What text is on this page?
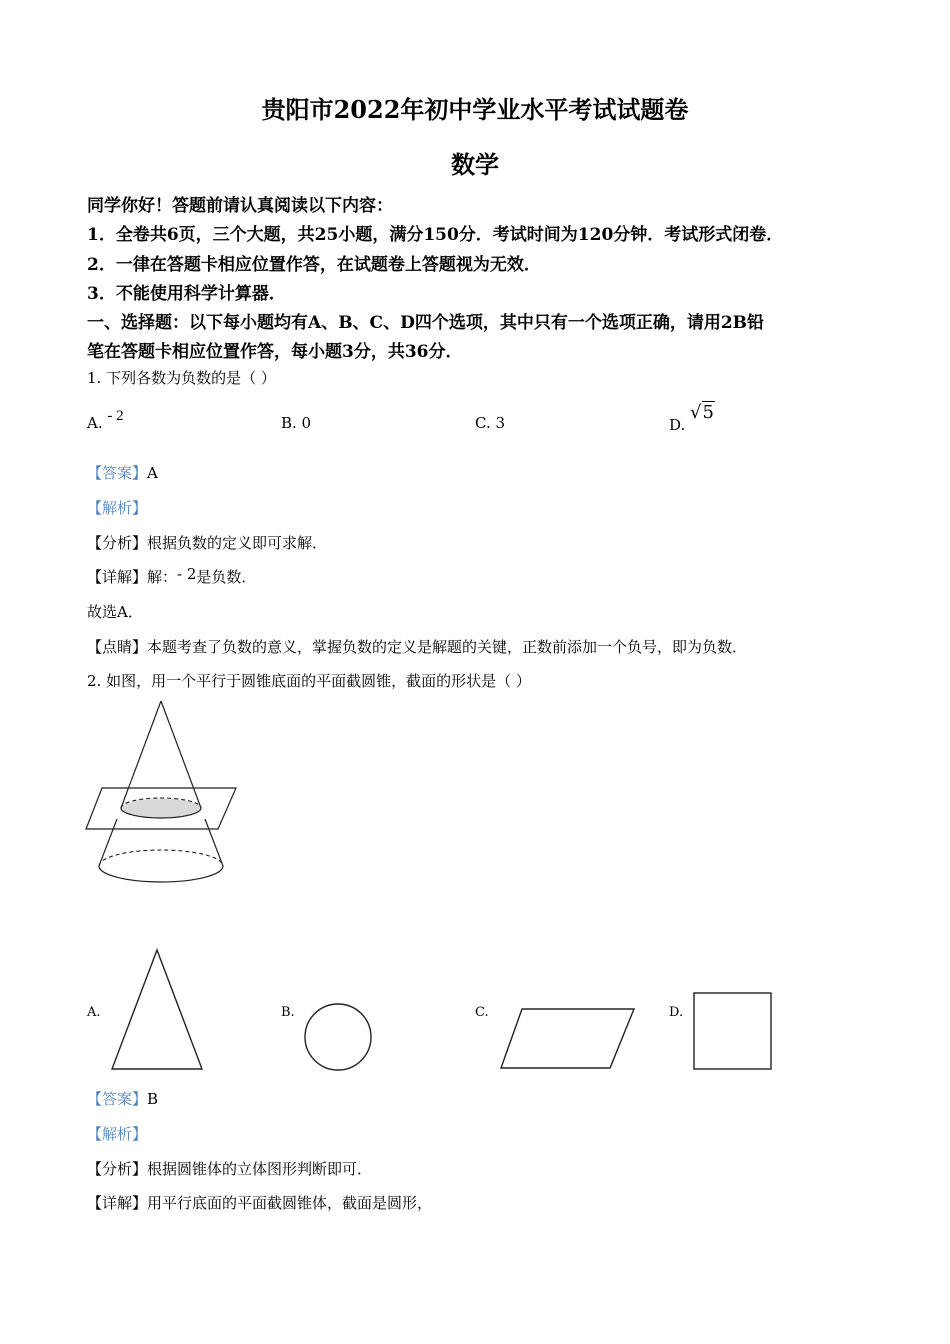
贵阳市2022年初中学业水平考试试题卷
数学
同学你好！答题前请认真阅读以下内容：
1．全卷共6页，三个大题，共25小题，满分150分．考试时间为120分钟．考试形式闭卷．
2．一律在答题卡相应位置作答，在试题卷上答题视为无效．
3．不能使用科学计算器．
一、选择题：以下每小题均有A、B、C、D四个选项，其中只有一个选项正确，请用2B铅
笔在答题卡相应位置作答，每小题3分，共36分．
1. 下列各数为负数的是（ ）
A. - 2	B. 0	C. 3	D. √5
【答案】A
【解析】
【分析】根据负数的定义即可求解．
【详解】解：- 2是负数．
故选A．
【点睛】本题考查了负数的意义，掌握负数的定义是解题的关键，正数前添加一个负号，即为负数．
2. 如图，用一个平行于圆锥底面的平面截圆锥，截面的形状是（ ）
A.	B.	C.	D.
【答案】B
【解析】
【分析】根据圆锥体的立体图形判断即可．
【详解】用平行底面的平面截圆锥体，截面是圆形，
